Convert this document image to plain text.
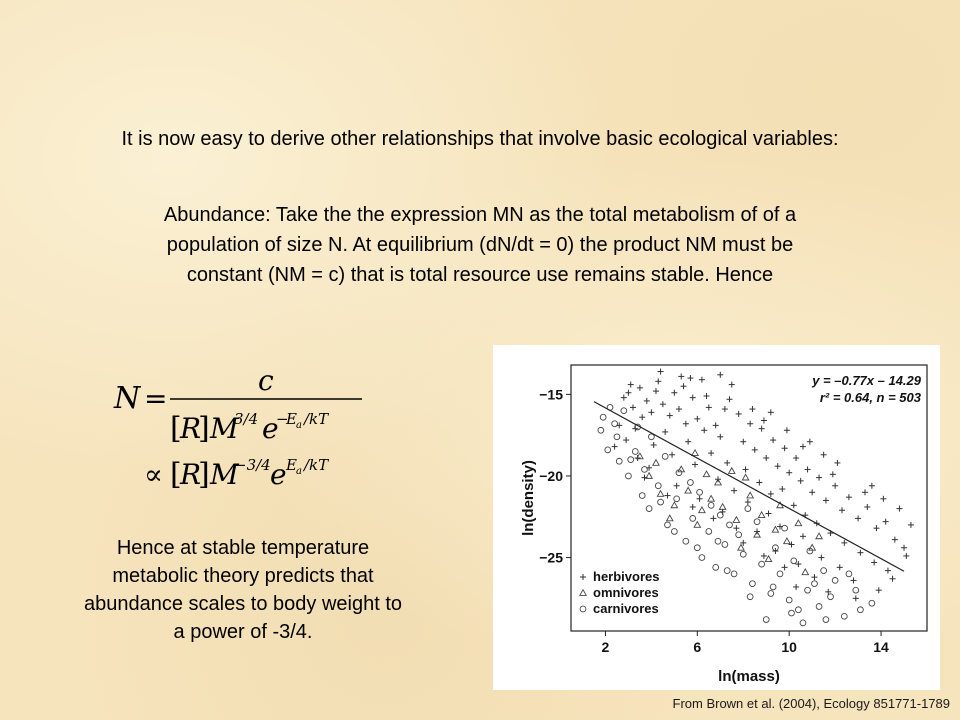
It is now easy to derive other relationships that involve basic ecological variables:
Abundance: Take the the expression MN as the total metabolism of of a
population of size N. At equilibrium (dN/dt = 0) the product NM must be
constant (NM = c) that is total resource use remains stable. Hence
N =
c
[
R
] M
3/4 e
−
E a /kT
∝ [
R
] M
−3/4 e E a /kT
Hence at stable temperature
metabolic theory predicts that
abundance scales to body weight to
a power of -3/4.
2	6	10	14
−15
−20
−25
y = –0.77x – 14.29
r² = 0.64, n = 503
ln(mass)
ln(density)
herbivores
omnivores
carnivores
From Brown et al. (2004), Ecology 851771-1789
